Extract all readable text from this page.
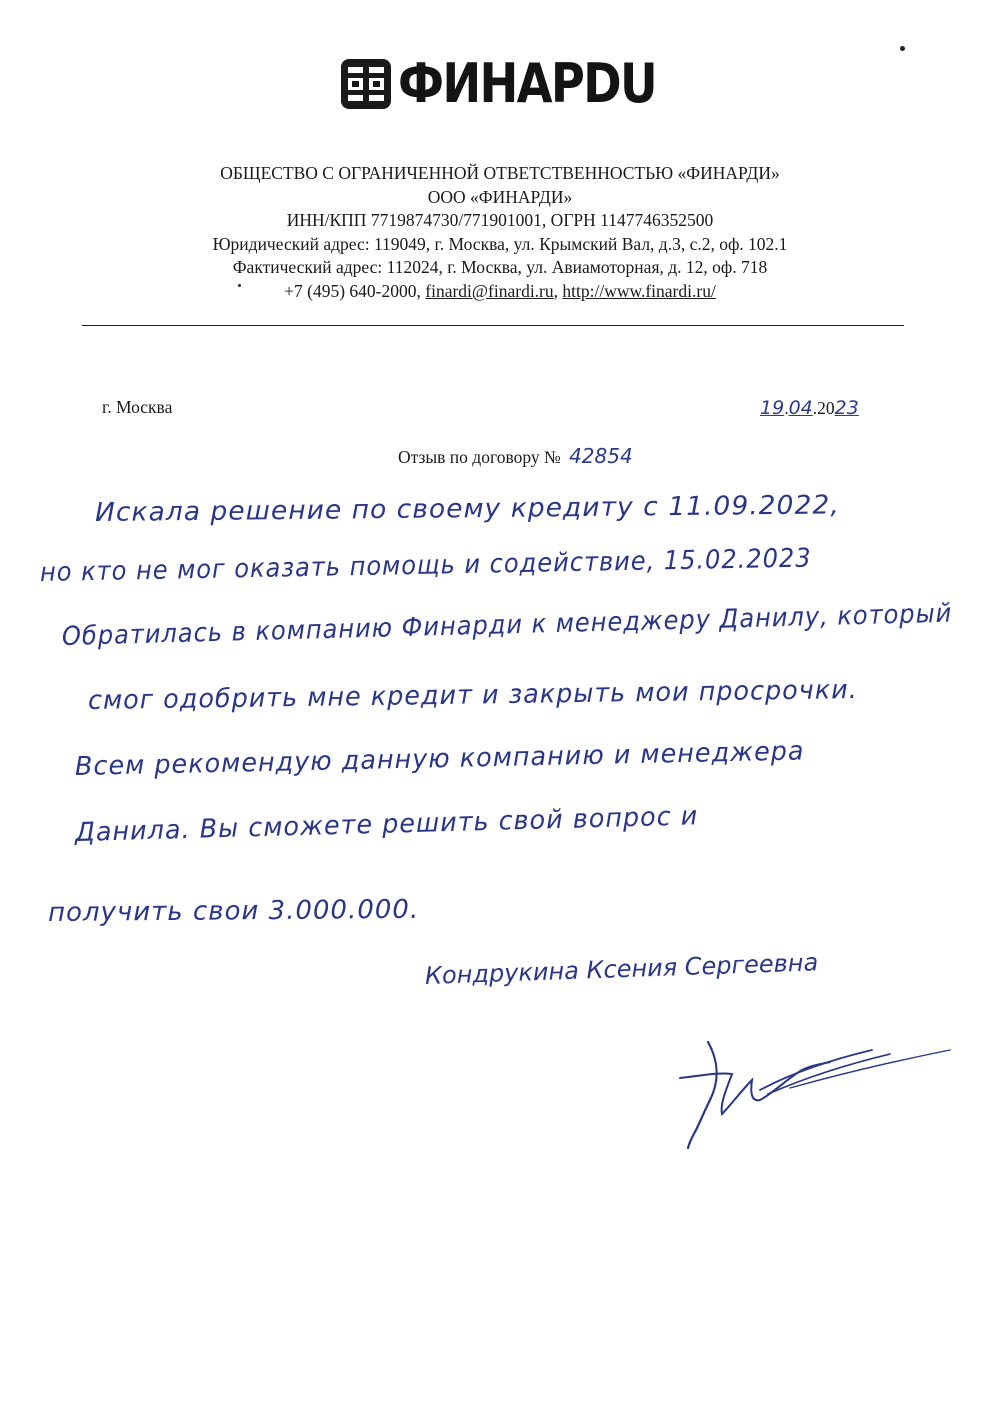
ФИНАРDU
ОБЩЕСТВО С ОГРАНИЧЕННОЙ ОТВЕТСТВЕННОСТЬЮ «ФИНАРДИ»
ООО «ФИНАРДИ»
ИНН/КПП 7719874730/771901001, ОГРН 1147746352500
Юридический адрес: 119049, г. Москва, ул. Крымский Вал, д.3, с.2, оф. 102.1
Фактический адрес: 112024, г. Москва, ул. Авиамоторная, д. 12, оф. 718
+7 (495) 640-2000, finardi@finardi.ru, http://www.finardi.ru/
г. Москва	19.04.2023
Отзыв по договору № 42854
Искала решение по своему кредиту с 11.09.2022,
но кто не мог оказать помощь и содействие, 15.02.2023
Обратилась в компанию Финарди к менеджеру Данилу, который
смог одобрить мне кредит и закрыть мои просрочки.
Всем рекомендую данную компанию и менеджера
Данила. Вы сможете решить свой вопрос и
получить свои 3.000.000.
Кондрукина Ксения Сергеевна
